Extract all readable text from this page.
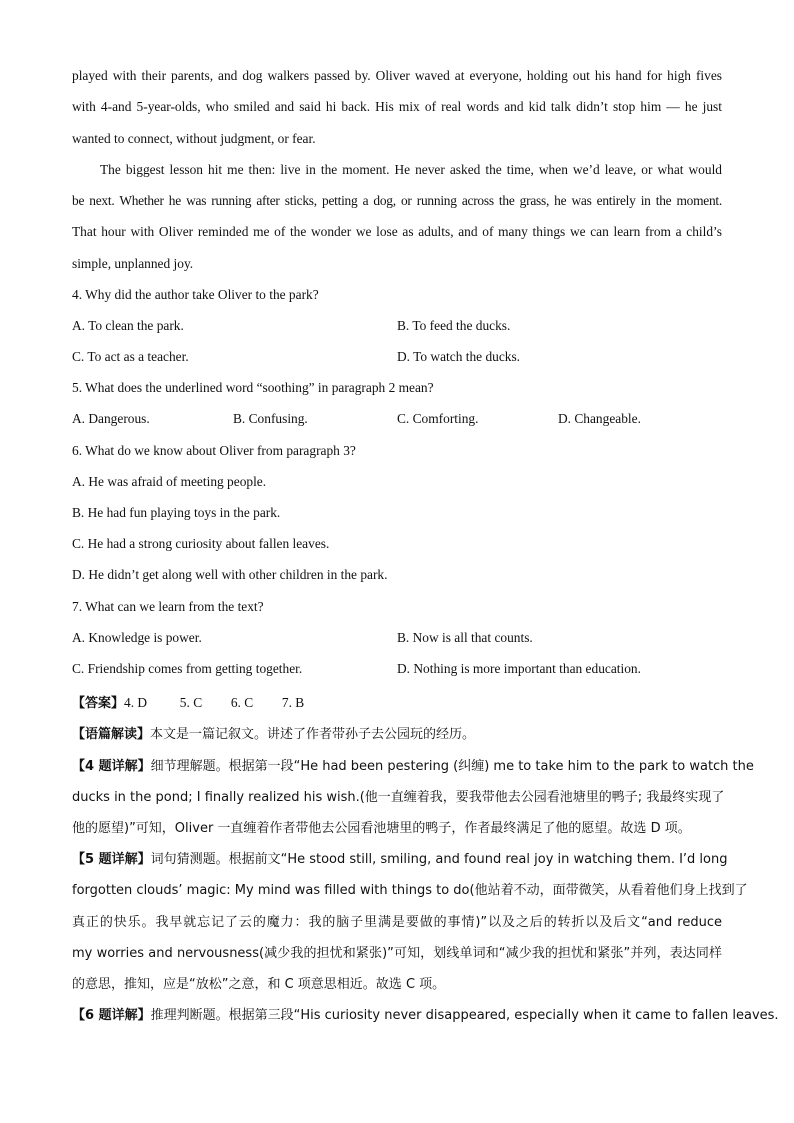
played with their parents, and dog walkers passed by. Oliver waved at everyone, holding out his hand for high fives
with 4-and 5-year-olds, who smiled and said hi back. His mix of real words and kid talk didn’t stop him — he just
wanted to connect, without judgment, or fear.
The biggest lesson hit me then: live in the moment. He never asked the time, when we’d leave, or what would
be next. Whether he was running after sticks, petting a dog, or running across the grass, he was entirely in the moment.
That hour with Oliver reminded me of the wonder we lose as adults, and of many things we can learn from a child’s
simple, unplanned joy.
4. Why did the author take Oliver to the park?
A. To clean the park.	B. To feed the ducks.
C. To act as a teacher.	D. To watch the ducks.
5. What does the underlined word “soothing” in paragraph 2 mean?
A. Dangerous.	B. Confusing.	C. Comforting.	D. Changeable.
6. What do we know about Oliver from paragraph 3?
A. He was afraid of meeting people.
B. He had fun playing toys in the park.
C. He had a strong curiosity about fallen leaves.
D. He didn’t get along well with other children in the park.
7. What can we learn from the text?
A. Knowledge is power.	B. Now is all that counts.
C. Friendship comes from getting together.	D. Nothing is more important than education.
【答案】4. D 5. C 6. C 7. B
【语篇解读】本文是一篇记叙文。讲述了作者带孙子去公园玩的经历。
【4 题详解】细节理解题。根据第一段“He had been pestering (纠缠) me to take him to the park to watch the
ducks in the pond; I finally realized his wish.(他一直缠着我，要我带他去公园看池塘里的鸭子; 我最终实现了
他的愿望)”可知，Oliver 一直缠着作者带他去公园看池塘里的鸭子，作者最终满足了他的愿望。故选 D 项。
【5 题详解】词句猜测题。根据前文“He stood still, smiling, and found real joy in watching them. I’d long
forgotten clouds’ magic: My mind was filled with things to do(他站着不动，面带微笑，从看着他们身上找到了
真正的快乐。我早就忘记了云的魔力：我的脑子里满是要做的事情)”以及之后的转折以及后文“and reduce
my worries and nervousness(减少我的担忧和紧张)”可知，划线单词和“减少我的担忧和紧张”并列，表达同样
的意思，推知，应是“放松”之意，和 C 项意思相近。故选 C 项。
【6 题详解】推理判断题。根据第三段“His curiosity never disappeared, especially when it came to fallen leaves.
